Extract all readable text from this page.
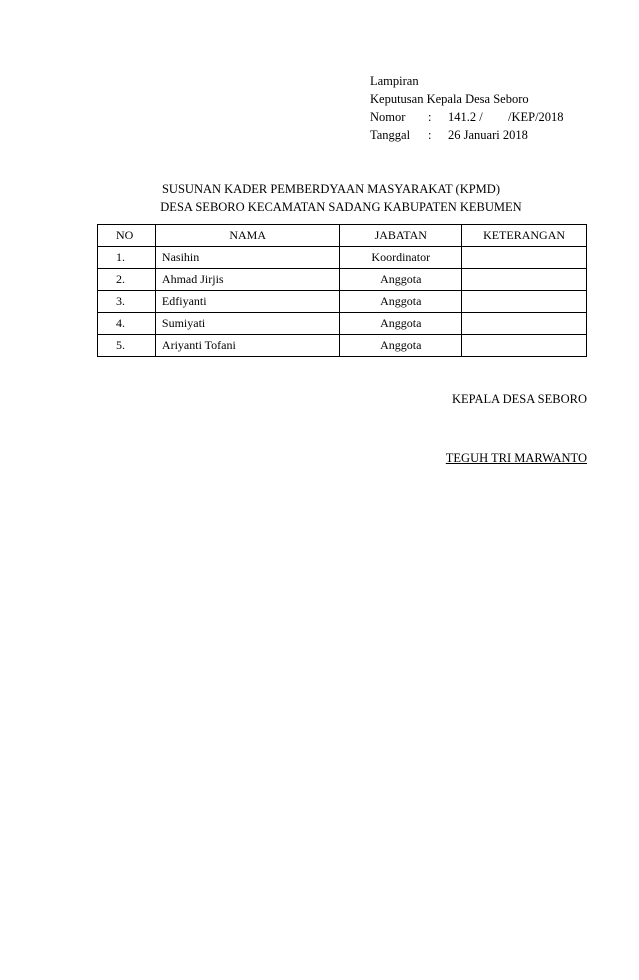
Lampiran
Keputusan Kepala Desa Seboro
Nomor	:	141.2 /	/KEP/2018
Tanggal	:	26 Januari 2018
SUSUNAN KADER PEMBERDYAAN MASYARAKAT (KPMD)
DESA SEBORO KECAMATAN SADANG KABUPATEN KEBUMEN
NO	NAMA	JABATAN	KETERANGAN
1.	Nasihin	Koordinator	
2.	Ahmad Jirjis	Anggota	
3.	Edfiyanti	Anggota	
4.	Sumiyati	Anggota	
5.	Ariyanti Tofani	Anggota	
KEPALA DESA SEBORO
TEGUH TRI MARWANTO
